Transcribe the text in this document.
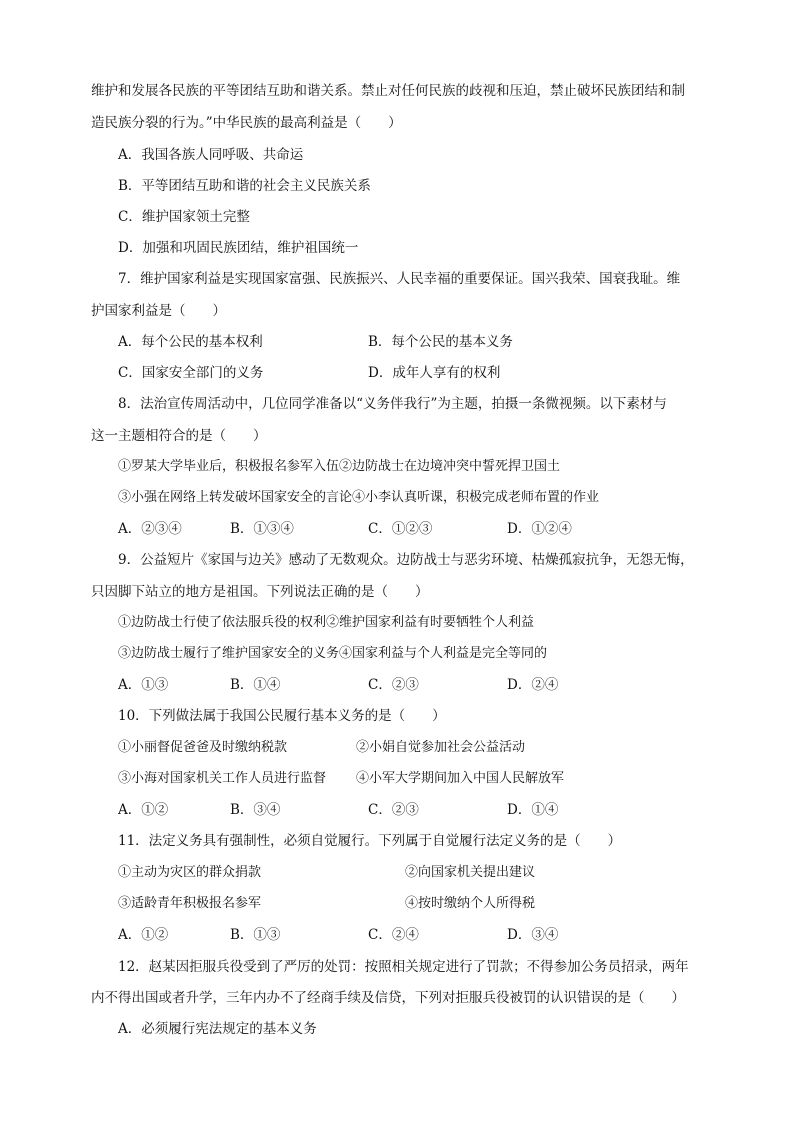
维护和发展各民族的平等团结互助和谐关系。禁止对任何民族的歧视和压迫，禁止破坏民族团结和制
造民族分裂的行为。”中华民族的最高利益是（　　）
A．我国各族人同呼吸、共命运
B．平等团结互助和谐的社会主义民族关系
C．维护国家领土完整
D．加强和巩固民族团结，维护祖国统一
7．维护国家利益是实现国家富强、民族振兴、人民幸福的重要保证。国兴我荣、国衰我耻。维
护国家利益是（　　）
A．每个公民的基本权利	B．每个公民的基本义务
C．国家安全部门的义务	D．成年人享有的权利
8．法治宣传周活动中，几位同学准备以“义务伴我行”为主题，拍摄一条微视频。以下素材与
这一主题相符合的是（　　）
①罗某大学毕业后，积极报名参军入伍②边防战士在边境冲突中誓死捍卫国土
③小强在网络上转发破坏国家安全的言论④小李认真听课，积极完成老师布置的作业
A．②③④	B．①③④	C．①②③	D．①②④
9．公益短片《家国与边关》感动了无数观众。边防战士与恶劣环境、枯燥孤寂抗争，无怨无悔，
只因脚下站立的地方是祖国。下列说法正确的是（　　）
①边防战士行使了依法服兵役的权利②维护国家利益有时要牺牲个人利益
③边防战士履行了维护国家安全的义务④国家利益与个人利益是完全等同的
A．①③	B．①④	C．②③	D．②④
10．下列做法属于我国公民履行基本义务的是（　　）
①小丽督促爸爸及时缴纳税款	②小娟自觉参加社会公益活动
③小海对国家机关工作人员进行监督 ④小军大学期间加入中国人民解放军
A．①②	B．③④	C．②③	D．①④
11．法定义务具有强制性，必须自觉履行。下列属于自觉履行法定义务的是（　　）
①主动为灾区的群众捐款	②向国家机关提出建议
③适龄青年积极报名参军	④按时缴纳个人所得税
A．①②	B．①③	C．②④	D．③④
12．赵某因拒服兵役受到了严厉的处罚：按照相关规定进行了罚款；不得参加公务员招录，两年
内不得出国或者升学，三年内办不了经商手续及信贷，下列对拒服兵役被罚的认识错误的是（　　）
A．必须履行宪法规定的基本义务
